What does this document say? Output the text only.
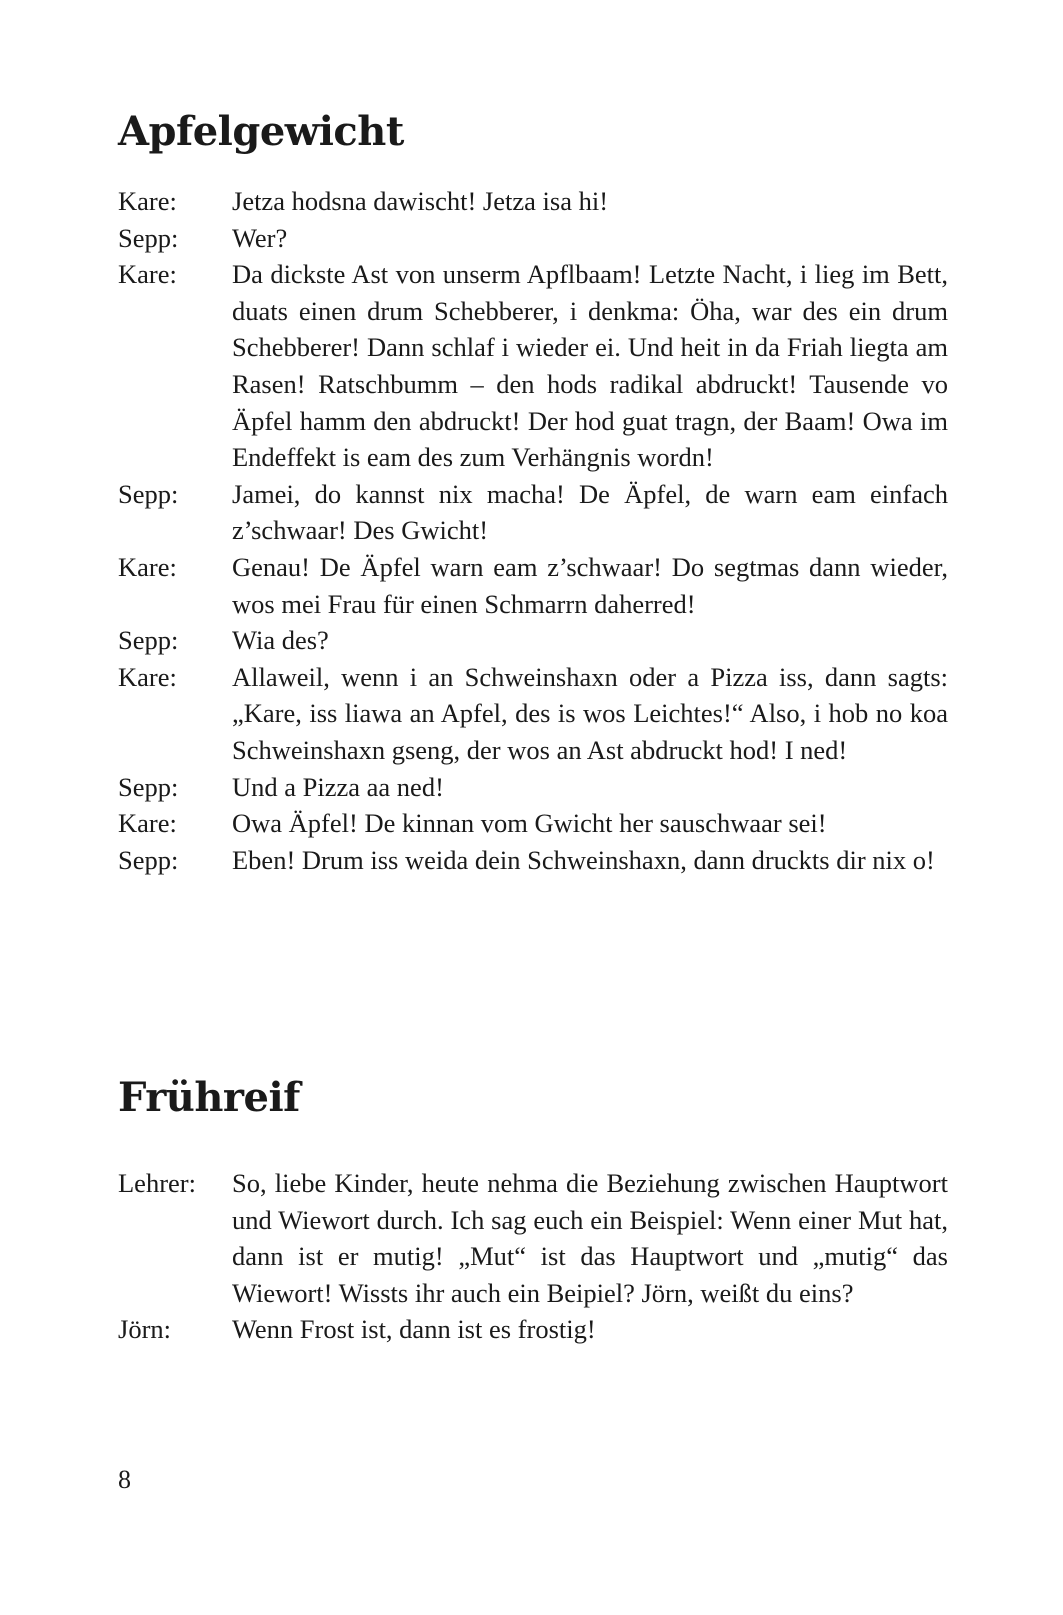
Apfelgewicht
Kare:	Jetza hodsna dawischt! Jetza isa hi!
Sepp:	Wer?
Kare:	Da dickste Ast von unserm Apflbaam! Letzte Nacht, i lieg im Bett, duats einen drum Schebberer, i denkma: Öha, war des ein drum Schebberer! Dann schlaf i wieder ei. Und heit in da Friah liegta am Rasen! Ratschbumm – den hods radikal abdruckt! Tausende vo Äpfel hamm den abdruckt! Der hod guat tragn, der Baam! Owa im Endeffekt is eam des zum Verhängnis wordn!
Sepp:	Jamei, do kannst nix macha! De Äpfel, de warn eam einfach z’schwaar! Des Gwicht!
Kare:	Genau! De Äpfel warn eam z’schwaar! Do segtmas dann wieder, wos mei Frau für einen Schmarrn daherred!
Sepp:	Wia des?
Kare:	Allaweil, wenn i an Schweinshaxn oder a Pizza iss, dann sagts: „Kare, iss liawa an Apfel, des is wos Leichtes!“ Also, i hob no koa Schweinshaxn gseng, der wos an Ast abdruckt hod! I ned!
Sepp:	Und a Pizza aa ned!
Kare:	Owa Äpfel! De kinnan vom Gwicht her sauschwaar sei!
Sepp:	Eben! Drum iss weida dein Schweinshaxn, dann druckts dir nix o!
Frühreif
Lehrer:	So, liebe Kinder, heute nehma die Beziehung zwischen Hauptwort und Wiewort durch. Ich sag euch ein Beispiel: Wenn einer Mut hat, dann ist er mutig! „Mut“ ist das Hauptwort und „mutig“ das Wiewort! Wissts ihr auch ein Beipiel? Jörn, weißt du eins?
Jörn:	Wenn Frost ist, dann ist es frostig!
8
